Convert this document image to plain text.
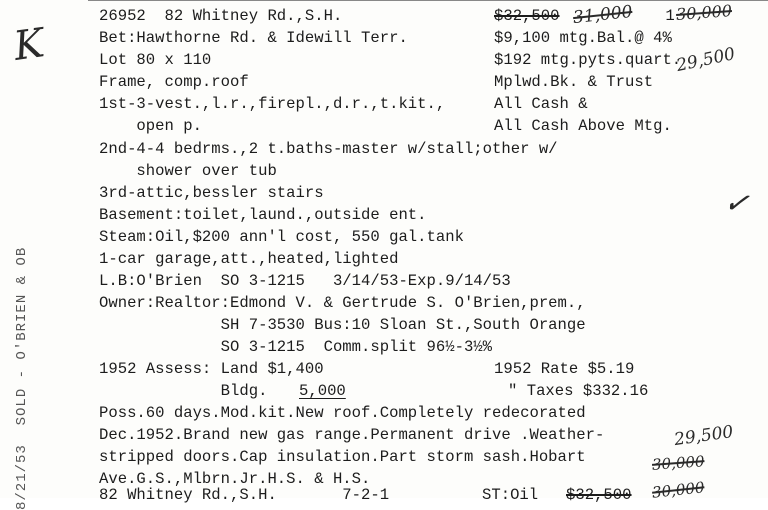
8/21/53  SOLD - O'BRIEN & OB
K
26952  82 Whitney Rd.,S.H.
Bet:Hawthorne Rd. & Idewill Terr.
Lot 80 x 110
Frame, comp.roof
1st-3-vest.,l.r.,firepl.,d.r.,t.kit.,
open p.
2nd-4-4 bedrms.,2 t.baths-master w/stall;other w/
shower over tub
3rd-attic,bessler stairs
Basement:toilet,laund.,outside ent.
Steam:Oil,$200 ann'l cost, 550 gal.tank
1-car garage,att.,heated,lighted
L.B:O'Brien  SO 3-1215   3/14/53-Exp.9/14/53
Owner:Realtor:Edmond V. & Gertrude S. O'Brien,prem.,
SH 7-3530 Bus:10 Sloan St.,South Orange
SO 3-1215  Comm.split 96½-3½%
1952 Assess: Land $1,400
Bldg. 5,000
Poss.60 days.Mod.kit.New roof.Completely redecorated
Dec.1952.Brand new gas range.Permanent drive .Weather-
stripped doors.Cap insulation.Part storm sash.Hobart
Ave.G.S.,Mlbrn.Jr.H.S. & H.S.
82 Whitney Rd.,S.H.       7-2-1
$32,500	1
$9,100 mtg.Bal.@ 4%
$192 mtg.pyts.quart.
Mplwd.Bk. & Trust
All Cash &
All Cash Above Mtg.
1952 Rate $5.19
" Taxes $332.16
ST:Oil $32,500
31,000	30,000
29,500
✓
29,500
30,000
30,000
